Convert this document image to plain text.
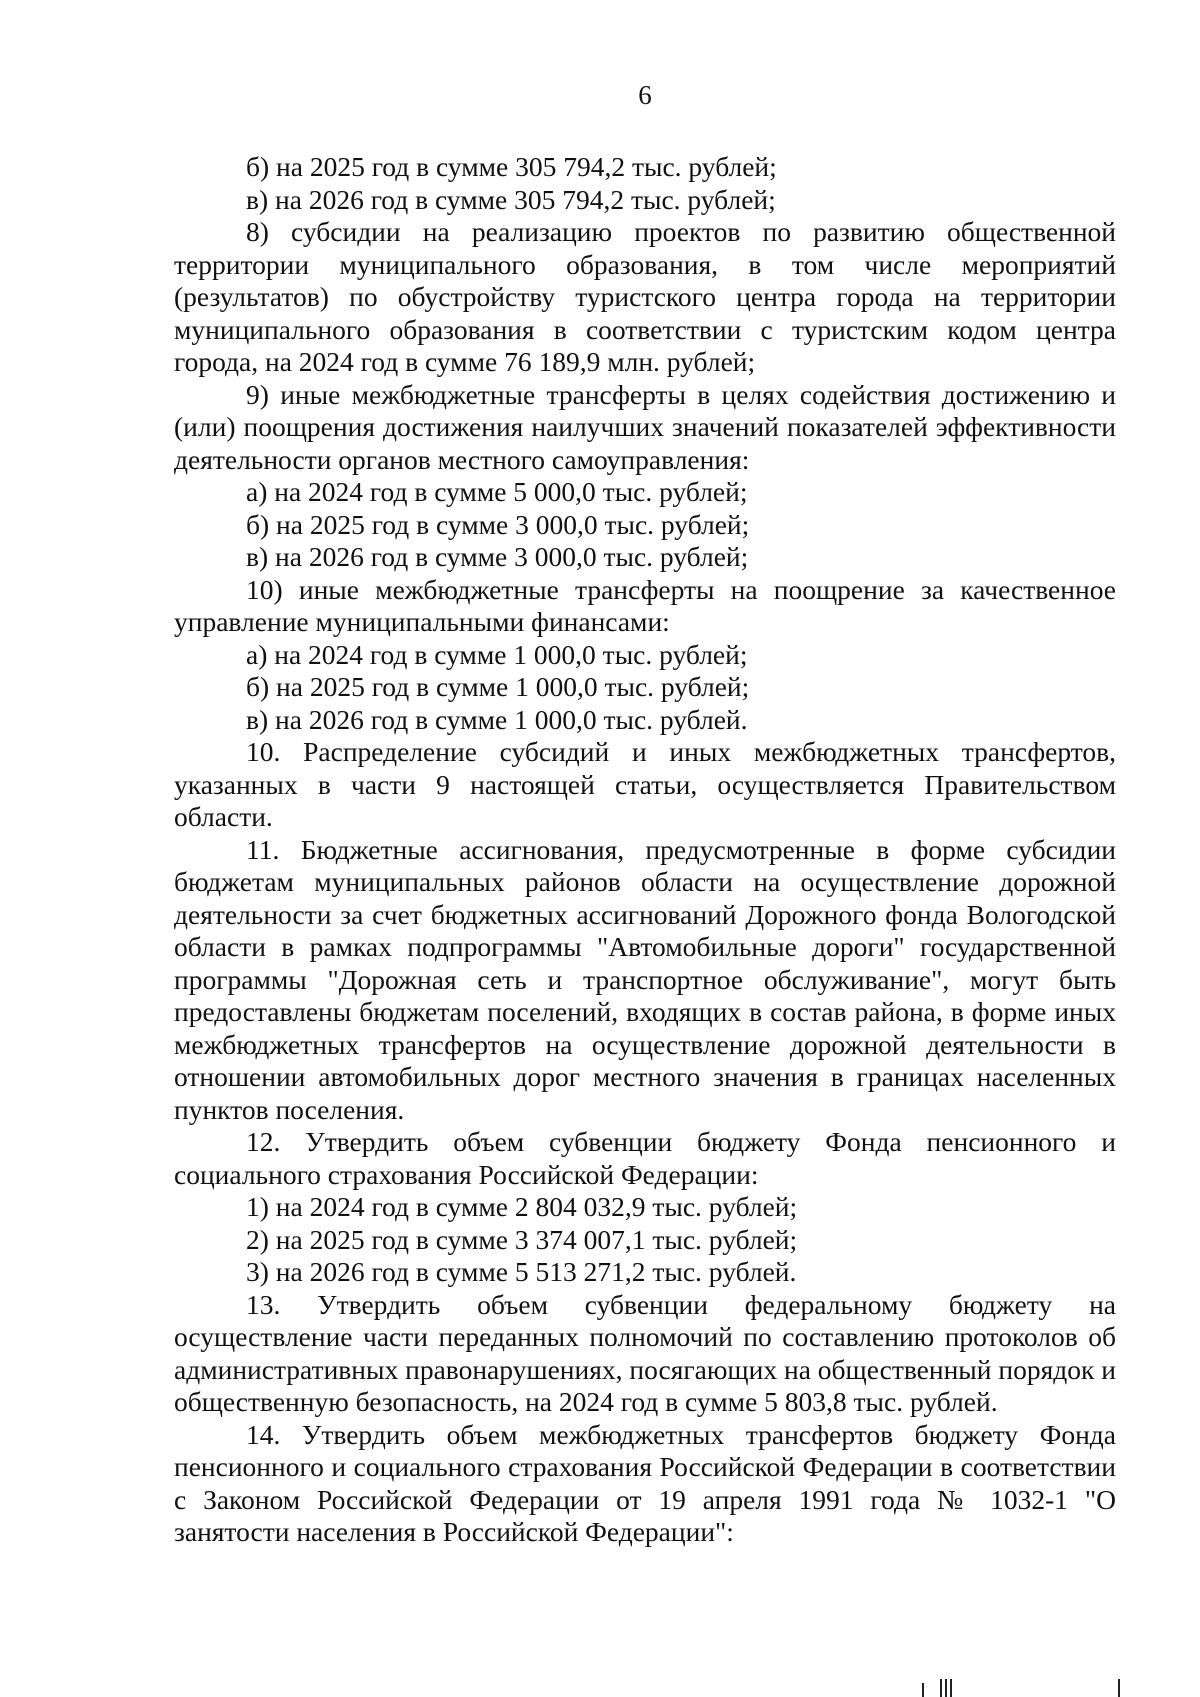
6

б) на 2025 год в сумме 305 794,2 тыс. рублей;

в) на 2026 год в сумме 305 794,2 тыс. рублей;

8) субсидии на реализацию проектов по развитию общественной территории муниципального образования, в том числе мероприятий (результатов) по обустройству туристского центра города на территории муниципального образования в соответствии с туристским кодом центра города, на 2024 год в сумме 76 189,9 млн. рублей;

9) иные межбюджетные трансферты в целях содействия достижению и (или) поощрения достижения наилучших значений показателей эффективности деятельности органов местного самоуправления:

а) на 2024 год в сумме 5 000,0 тыс. рублей;

б) на 2025 год в сумме 3 000,0 тыс. рублей;

в) на 2026 год в сумме 3 000,0 тыс. рублей;

10) иные межбюджетные трансферты на поощрение за качественное управление муниципальными финансами:

а) на 2024 год в сумме 1 000,0 тыс. рублей;

б) на 2025 год в сумме 1 000,0 тыс. рублей;

в) на 2026 год в сумме 1 000,0 тыс. рублей.

10. Распределение субсидий и иных межбюджетных трансфертов, указанных в части 9 настоящей статьи, осуществляется Правительством области.

11. Бюджетные ассигнования, предусмотренные в форме субсидии бюджетам муниципальных районов области на осуществление дорожной деятельности за счет бюджетных ассигнований Дорожного фонда Вологодской области в рамках подпрограммы "Автомобильные дороги" государственной программы "Дорожная сеть и транспортное обслуживание", могут быть предоставлены бюджетам поселений, входящих в состав района, в форме иных межбюджетных трансфертов на осуществление дорожной деятельности в отношении автомобильных дорог местного значения в границах населенных пунктов поселения.

12. Утвердить объем субвенции бюджету Фонда пенсионного и социального страхования Российской Федерации:

1) на 2024 год в сумме 2 804 032,9 тыс. рублей;

2) на 2025 год в сумме 3 374 007,1 тыс. рублей;

3) на 2026 год в сумме 5 513 271,2 тыс. рублей.

13. Утвердить объем субвенции федеральному бюджету на осуществление части переданных полномочий по составлению протоколов об административных правонарушениях, посягающих на общественный порядок и общественную безопасность, на 2024 год в сумме 5 803,8 тыс. рублей.

14. Утвердить объем межбюджетных трансфертов бюджету Фонда пенсионного и социального страхования Российской Федерации в соответствии с Законом Российской Федерации от 19 апреля 1991 года № 1032-1 "О занятости населения в Российской Федерации":
